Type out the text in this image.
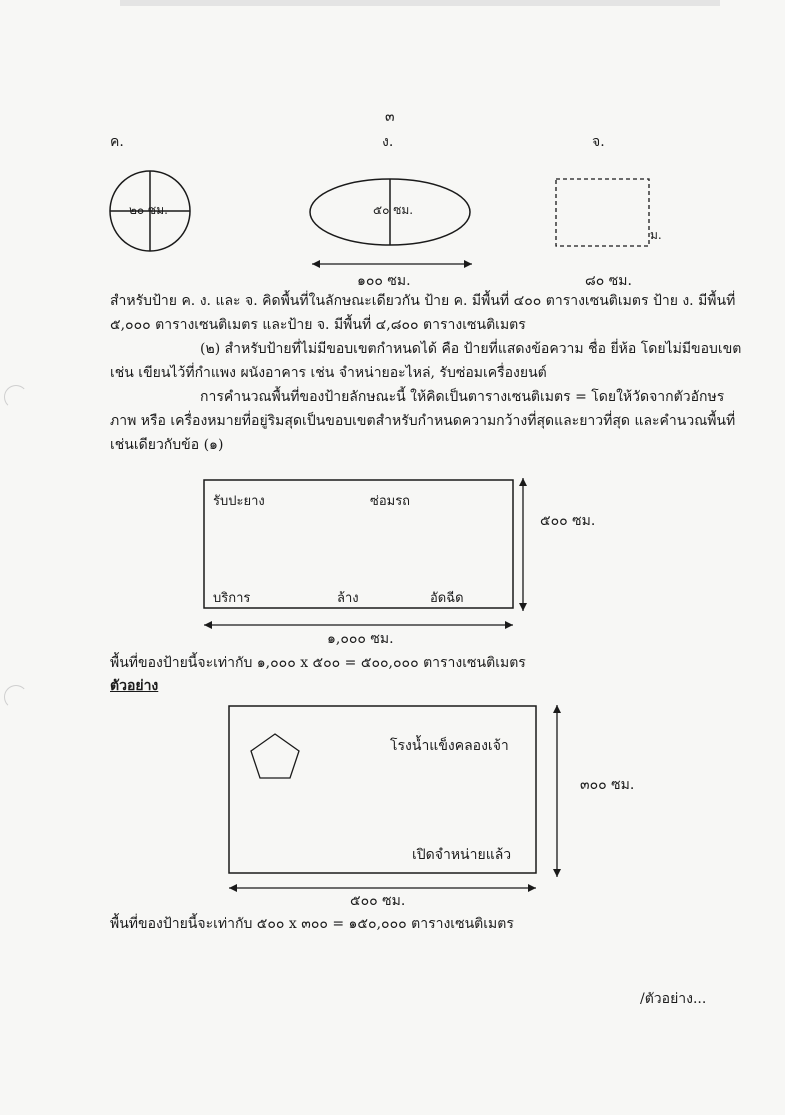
๓
ค.	ง.	จ.
๒๐ ซม.	๕๐ ซม.
ม.
๑๐๐ ซม.	๘๐ ซม.
สำหรับป้าย ค. ง. และ จ. คิดพื้นที่ในลักษณะเดียวกัน ป้าย ค. มีพื้นที่ ๔๐๐ ตารางเซนติเมตร ป้าย ง. มีพื้นที่
๕,๐๐๐ ตารางเซนติเมตร และป้าย จ. มีพื้นที่ ๔,๘๐๐ ตารางเซนติเมตร
(๒) สำหรับป้ายที่ไม่มีขอบเขตกำหนดได้ คือ ป้ายที่แสดงข้อความ ชื่อ ยี่ห้อ โดยไม่มีขอบเขต
เช่น เขียนไว้ที่กำแพง ผนังอาคาร เช่น จำหน่ายอะไหล่, รับซ่อมเครื่องยนต์
การคำนวณพื้นที่ของป้ายลักษณะนี้ ให้คิดเป็นตารางเซนติเมตร = โดยให้วัดจากตัวอักษร
ภาพ หรือ เครื่องหมายที่อยู่ริมสุดเป็นขอบเขตสำหรับกำหนดความกว้างที่สุดและยาวที่สุด และคำนวณพื้นที่
เช่นเดียวกับข้อ (๑)
รับปะยาง	ซ่อมรถ
บริการ	ล้าง	อัดฉีด
๕๐๐ ซม.
๑,๐๐๐ ซม.
พื้นที่ของป้ายนี้จะเท่ากับ ๑,๐๐๐ x ๕๐๐ = ๕๐๐,๐๐๐ ตารางเซนติเมตร
ตัวอย่าง
โรงน้ำแข็งคลองเจ้า
เปิดจำหน่ายแล้ว
๓๐๐ ซม.
๕๐๐ ซม.
พื้นที่ของป้ายนี้จะเท่ากับ ๕๐๐ x ๓๐๐ = ๑๕๐,๐๐๐ ตารางเซนติเมตร
/ตัวอย่าง...
